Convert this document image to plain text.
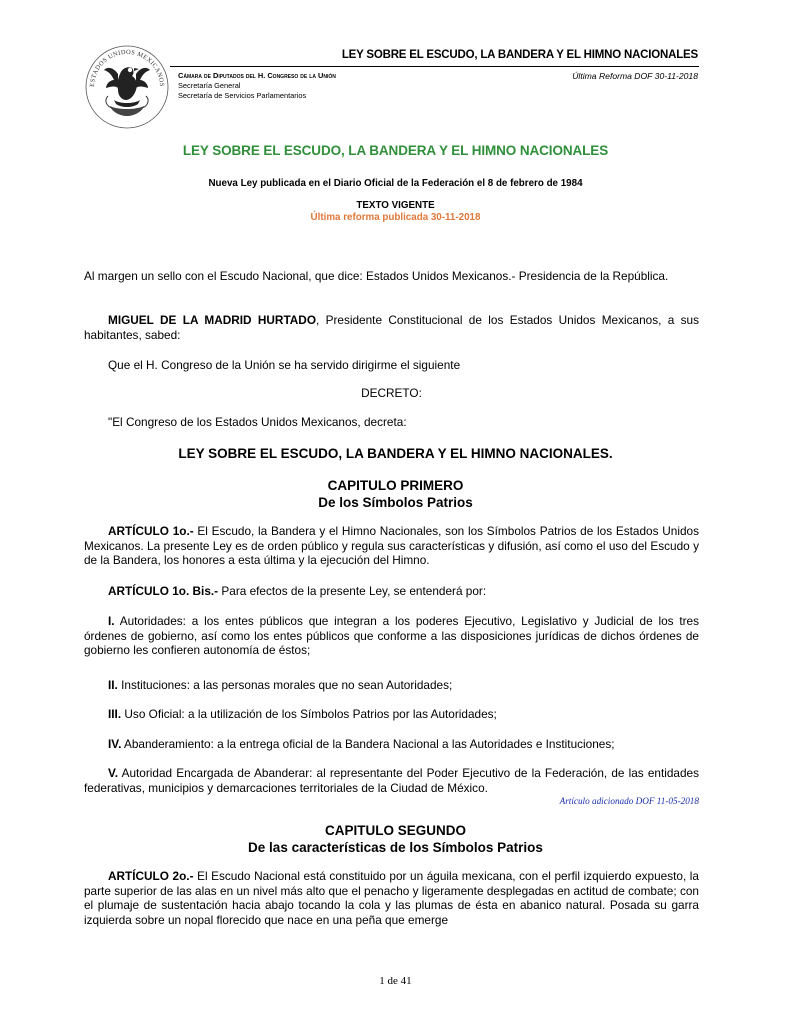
ESTADOS UNIDOS MEXICANOS
LEY SOBRE EL ESCUDO, LA BANDERA Y EL HIMNO NACIONALES
Cámara de Diputados del H. Congreso de la Unión
Secretaría General
Secretaría de Servicios Parlamentarios
Última Reforma DOF 30-11-2018
LEY SOBRE EL ESCUDO, LA BANDERA Y EL HIMNO NACIONALES
Nueva Ley publicada en el Diario Oficial de la Federación el 8 de febrero de 1984
TEXTO VIGENTE
Última reforma publicada 30-11-2018
Al margen un sello con el Escudo Nacional, que dice: Estados Unidos Mexicanos.- Presidencia de la República.
MIGUEL DE LA MADRID HURTADO, Presidente Constitucional de los Estados Unidos Mexicanos, a sus habitantes, sabed:
Que el H. Congreso de la Unión se ha servido dirigirme el siguiente
DECRETO:
"El Congreso de los Estados Unidos Mexicanos, decreta:
LEY SOBRE EL ESCUDO, LA BANDERA Y EL HIMNO NACIONALES.
CAPITULO PRIMERO
De los Símbolos Patrios
ARTÍCULO 1o.- El Escudo, la Bandera y el Himno Nacionales, son los Símbolos Patrios de los Estados Unidos Mexicanos. La presente Ley es de orden público y regula sus características y difusión, así como el uso del Escudo y de la Bandera, los honores a esta última y la ejecución del Himno.
ARTÍCULO 1o. Bis.- Para efectos de la presente Ley, se entenderá por:
I. Autoridades: a los entes públicos que integran a los poderes Ejecutivo, Legislativo y Judicial de los tres órdenes de gobierno, así como los entes públicos que conforme a las disposiciones jurídicas de dichos órdenes de gobierno les confieren autonomía de éstos;
II. Instituciones: a las personas morales que no sean Autoridades;
III. Uso Oficial: a la utilización de los Símbolos Patrios por las Autoridades;
IV. Abanderamiento: a la entrega oficial de la Bandera Nacional a las Autoridades e Instituciones;
V. Autoridad Encargada de Abanderar: al representante del Poder Ejecutivo de la Federación, de las entidades federativas, municipios y demarcaciones territoriales de la Ciudad de México.
Artículo adicionado DOF 11-05-2018
CAPITULO SEGUNDO
De las características de los Símbolos Patrios
ARTÍCULO 2o.- El Escudo Nacional está constituido por un águila mexicana, con el perfil izquierdo expuesto, la parte superior de las alas en un nivel más alto que el penacho y ligeramente desplegadas en actitud de combate; con el plumaje de sustentación hacia abajo tocando la cola y las plumas de ésta en abanico natural. Posada su garra izquierda sobre un nopal florecido que nace en una peña que emerge
1 de 41
